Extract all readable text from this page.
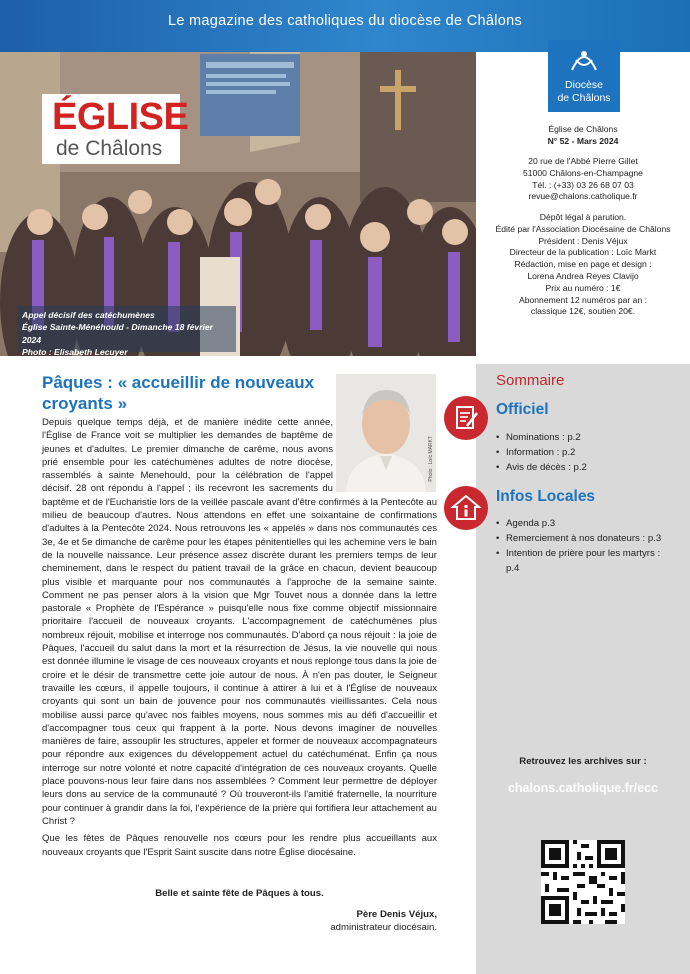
Le magazine des catholiques du diocèse de Châlons
ÉGLISE
de Châlons
Appel décisif des catéchumènes
Église Sainte-Ménéhould - Dimanche 18 février 2024
Photo : Elisabeth Lecuyer
Diocèse
de Châlons
Église de Châlons
N° 52 - Mars 2024
20 rue de l'Abbé Pierre Gillet
51000 Châlons-en-Champagne
Tél. : (+33) 03 26 68 07 03
revue@chalons.catholique.fr
Dépôt légal à parution.
Édité par l'Association Diocésaine de Châlons
Président : Denis Véjux
Directeur de la publication : Loïc Markt
Rédaction, mise en page et design :
Lorena Andrea Reyes Clavijo
Prix au numéro : 1€
Abonnement 12 numéros par an :
classique 12€, soutien 20€.
Sommaire
Officiel
• Nominations : p.2
• Information : p.2
• Avis de décès : p.2
Infos Locales
• Agenda p.3
• Remerciement à nos donateurs : p.3
• Intention de prière pour les martyrs : p.4
Retrouvez les archives sur :
chalons.catholique.fr/ecc
Pâques : « accueillir de nouveaux croyants »
Photo : Loïc MARKT

Depuis quelque temps déjà, et de manière inédite cette année, l'Église de France voit se multiplier les demandes de baptême de jeunes et d'adultes. Le premier dimanche de carême, nous avons prié ensemble pour les catéchumènes adultes de notre diocèse, rassemblés à sainte Menehould, pour la célébration de l'appel décisif. 28 ont répondu à l'appel ; ils recevront les sacrements du baptême et de l'Eucharistie lors de la veillée pascale avant d'être confirmés à la Pentecôte au milieu de beaucoup d'autres. Nous attendons en effet une soixantaine de confirmations d'adultes à la Pentecôte 2024. Nous retrouvons les « appelés » dans nos communautés ces 3e, 4e et 5e dimanche de carême pour les étapes pénitentielles qui les achemine vers le bain de la nouvelle naissance. Leur présence assez discrète durant les premiers temps de leur cheminement, dans le respect du patient travail de la grâce en chacun, devient beaucoup plus visible et marquante pour nos communautés à l'approche de la semaine sainte. Comment ne pas penser alors à la vision que Mgr Touvet nous a donnée dans la lettre pastorale « Prophète de l'Espérance » puisqu'elle nous fixe comme objectif missionnaire prioritaire l'accueil de nouveaux croyants. L'accompagnement de catéchumènes plus nombreux réjouit, mobilise et interroge nos communautés. D'abord ça nous réjouit : la joie de Pâques, l'accueil du salut dans la mort et la résurrection de Jésus, la vie nouvelle qui nous est donnée illumine le visage de ces nouveaux croyants et nous replonge tous dans la joie de croire et le désir de transmettre cette joie autour de nous. À n'en pas douter, le Seigneur travaille les cœurs, il appelle toujours, il continue à attirer à lui et à l'Église de nouveaux croyants qui sont un bain de jouvence pour nos communautés vieillissantes. Cela nous mobilise aussi parce qu'avec nos faibles moyens, nous sommes mis au défi d'accueillir et d'accompagner tous ceux qui frappent à la porte. Nous devons imaginer de nouvelles manières de faire, assouplir les structures, appeler et former de nouveaux accompagnateurs pour répondre aux exigences du développement actuel du catéchuménat. Enfin ça nous interroge sur notre volonté et notre capacité d'intégration de ces nouveaux croyants. Quelle place pouvons-nous leur faire dans nos assemblées ? Comment leur permettre de déployer leurs dons au service de la communauté ? Où trouveront-ils l'amitié fraternelle, la nourriture pour continuer à grandir dans la foi, l'expérience de la prière qui fortifiera leur attachement au Christ ?

Que les fêtes de Pâques renouvelle nos cœurs pour les rendre plus accueillants aux nouveaux croyants que l'Esprit Saint suscite dans notre Église diocésaine.

Belle et sainte fête de Pâques à tous.
Père Denis Véjux,
administrateur diocésain.
